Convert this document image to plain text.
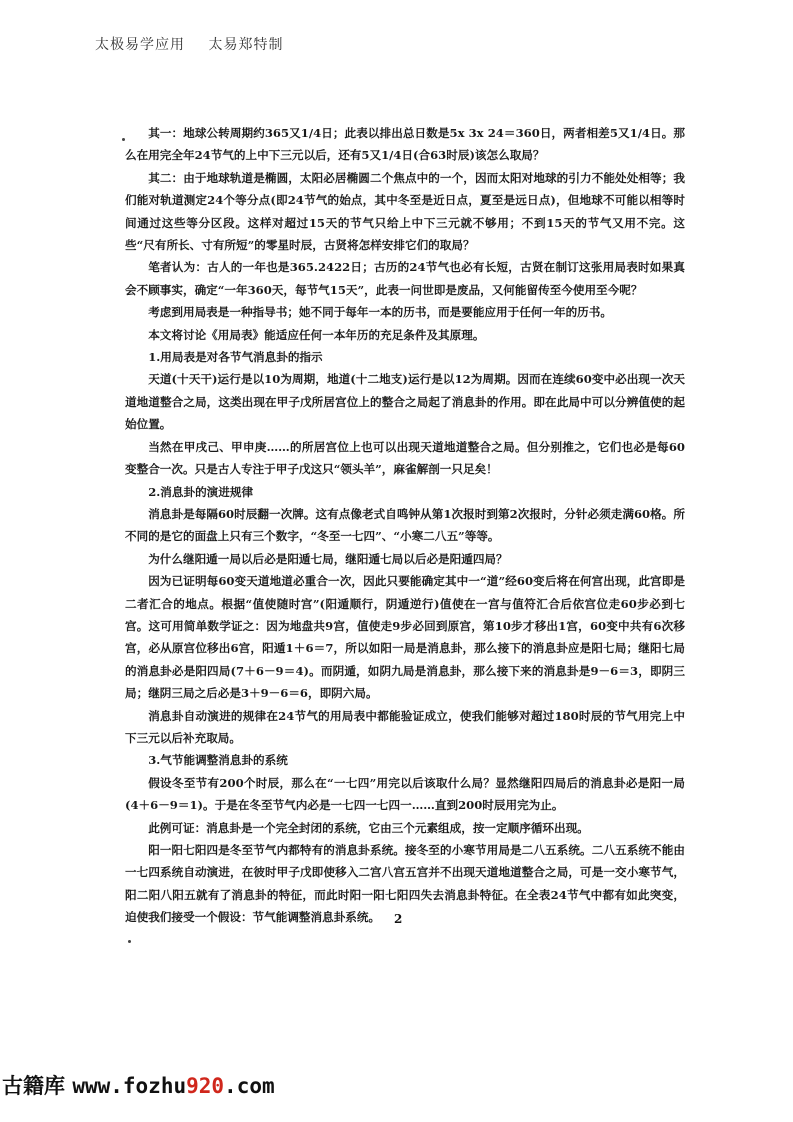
太极易学应用 太易郑特制

其一：地球公转周期约365又1/4日；此表以排出总日数是5x 3x 24＝360日，两者相差5又1/4日。那么在用完全年24节气的上中下三元以后，还有5又1/4日(合63时辰)该怎么取局？

其二：由于地球轨道是椭圆，太阳必居椭圆二个焦点中的一个，因而太阳对地球的引力不能处处相等；我们能对轨道测定24个等分点(即24节气的始点，其中冬至是近日点，夏至是远日点)，但地球不可能以相等时间通过这些等分区段。这样对超过15天的节气只给上中下三元就不够用；不到15天的节气又用不完。这些“尺有所长、寸有所短”的零星时辰，古贤将怎样安排它们的取局？

笔者认为：古人的一年也是365.2422日；古历的24节气也必有长短，古贤在制订这张用局表时如果真会不顾事实，确定“一年360天，每节气15天”，此表一问世即是废品，又何能留传至今使用至今呢？

考虑到用局表是一种指导书；她不同于每年一本的历书，而是要能应用于任何一年的历书。

本文将讨论《用局表》能适应任何一本年历的充足条件及其原理。

1.用局表是对各节气消息卦的指示

天道(十天干)运行是以10为周期，地道(十二地支)运行是以12为周期。因而在连续60变中必出现一次天道地道整合之局，这类出现在甲子戊所居宫位上的整合之局起了消息卦的作用。即在此局中可以分辨值使的起始位置。

当然在甲戌己、甲申庚……的所居宫位上也可以出现天道地道整合之局。但分别推之，它们也必是每60变整合一次。只是古人专注于甲子戊这只“领头羊”，麻雀解剖一只足矣！

2.消息卦的演进规律

消息卦是每隔60时辰翻一次牌。这有点像老式自鸣钟从第1次报时到第2次报时，分针必须走满60格。所不同的是它的面盘上只有三个数字，“冬至一七四”、“小寒二八五”等等。

为什么继阳遁一局以后必是阳遁七局，继阳遁七局以后必是阳遁四局？

因为已证明每60变天道地道必重合一次，因此只要能确定其中一“道”经60变后将在何宫出现，此宫即是二者汇合的地点。根据“值使随时宫”(阳遁顺行，阴遁逆行)值使在一宫与值符汇合后依宫位走60步必到七宫。这可用简单数学证之：因为地盘共9宫，值使走9步必回到原宫，第10步才移出1宫，60变中共有6次移宫，必从原宫位移出6宫，阳遁1＋6＝7，所以如阳一局是消息卦，那么接下的消息卦应是阳七局；继阳七局的消息卦必是阳四局(7＋6－9＝4)。而阴遁，如阴九局是消息卦，那么接下来的消息卦是9－6＝3，即阴三局；继阴三局之后必是3＋9－6＝6，即阴六局。

消息卦自动演进的规律在24节气的用局表中都能验证成立，使我们能够对超过180时辰的节气用完上中下三元以后补充取局。

3.气节能调整消息卦的系统

假设冬至节有200个时辰，那么在“一七四”用完以后该取什么局？显然继阳四局后的消息卦必是阳一局(4＋6－9＝1)。于是在冬至节气内必是一七四一七四一……直到200时辰用完为止。

此例可证：消息卦是一个完全封闭的系统，它由三个元素组成，按一定顺序循环出现。

阳一阳七阳四是冬至节气内都特有的消息卦系统。接冬至的小寒节用局是二八五系统。二八五系统不能由一七四系统自动演进，在彼时甲子戊即使移入二宫八宫五宫并不出现天道地道整合之局，可是一交小寒节气，阳二阳八阳五就有了消息卦的特征，而此时阳一阳七阳四失去消息卦特征。在全表24节气中都有如此突变，迫使我们接受一个假设：节气能调整消息卦系统。	2
古籍库 www.fozhu920.com
